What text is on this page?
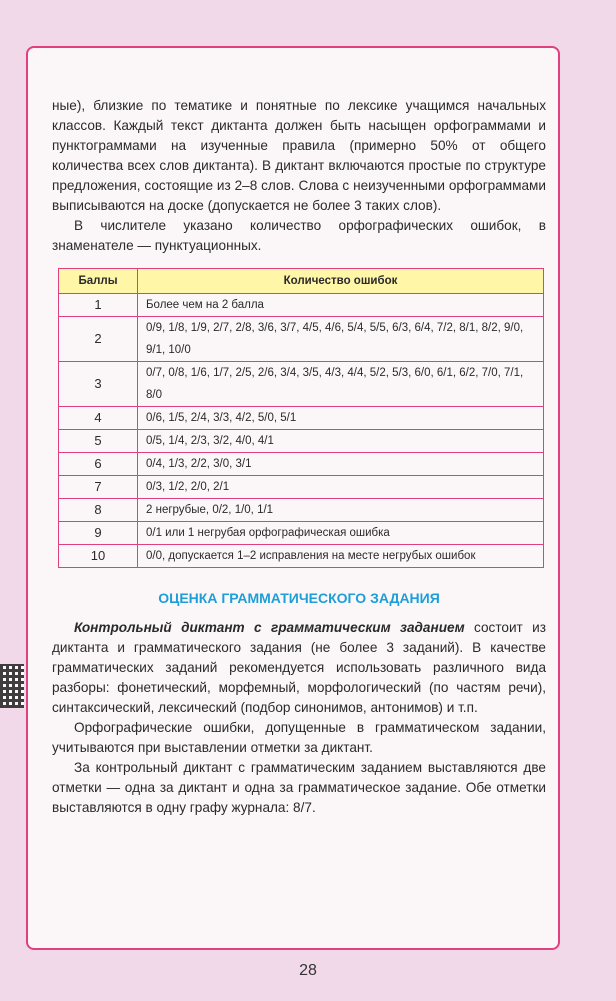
ные), близкие по тематике и понятные по лексике учащимся начальных классов. Каждый текст диктанта должен быть насыщен орфограммами и пунктограммами на изученные правила (примерно 50% от общего количества всех слов диктанта). В диктант включаются простые по структуре предложения, состоящие из 2–8 слов. Слова с неизученными орфограммами выписываются на доске (допускается не более 3 таких слов).

В числителе указано количество орфографических ошибок, в знаменателе — пунктуационных.

Баллы	Количество ошибок
1	Более чем на 2 балла
2	0/9, 1/8, 1/9, 2/7, 2/8, 3/6, 3/7, 4/5, 4/6, 5/4, 5/5, 6/3, 6/4, 7/2, 8/1, 8/2, 9/0, 9/1, 10/0
3	0/7, 0/8, 1/6, 1/7, 2/5, 2/6, 3/4, 3/5, 4/3, 4/4, 5/2, 5/3, 6/0, 6/1, 6/2, 7/0, 7/1, 8/0
4	0/6, 1/5, 2/4, 3/3, 4/2, 5/0, 5/1
5	0/5, 1/4, 2/3, 3/2, 4/0, 4/1
6	0/4, 1/3, 2/2, 3/0, 3/1
7	0/3, 1/2, 2/0, 2/1
8	2 негрубые, 0/2, 1/0, 1/1
9	0/1 или 1 негрубая орфографическая ошибка
10	0/0, допускается 1–2 исправления на месте негрубых ошибок
ОЦЕНКА ГРАММАТИЧЕСКОГО ЗАДАНИЯ

Контрольный диктант с грамматическим заданием состоит из диктанта и грамматического задания (не более 3 заданий). В качестве грамматических заданий рекомендуется использовать различного вида разборы: фонетический, морфемный, морфологический (по частям речи), синтаксический, лексический (подбор синонимов, антонимов) и т.п.

Орфографические ошибки, допущенные в грамматическом задании, учитываются при выставлении отметки за диктант.

За контрольный диктант с грамматическим заданием выставляются две отметки — одна за диктант и одна за грамматическое задание. Обе отметки выставляются в одну графу журнала: 8/7.

28
